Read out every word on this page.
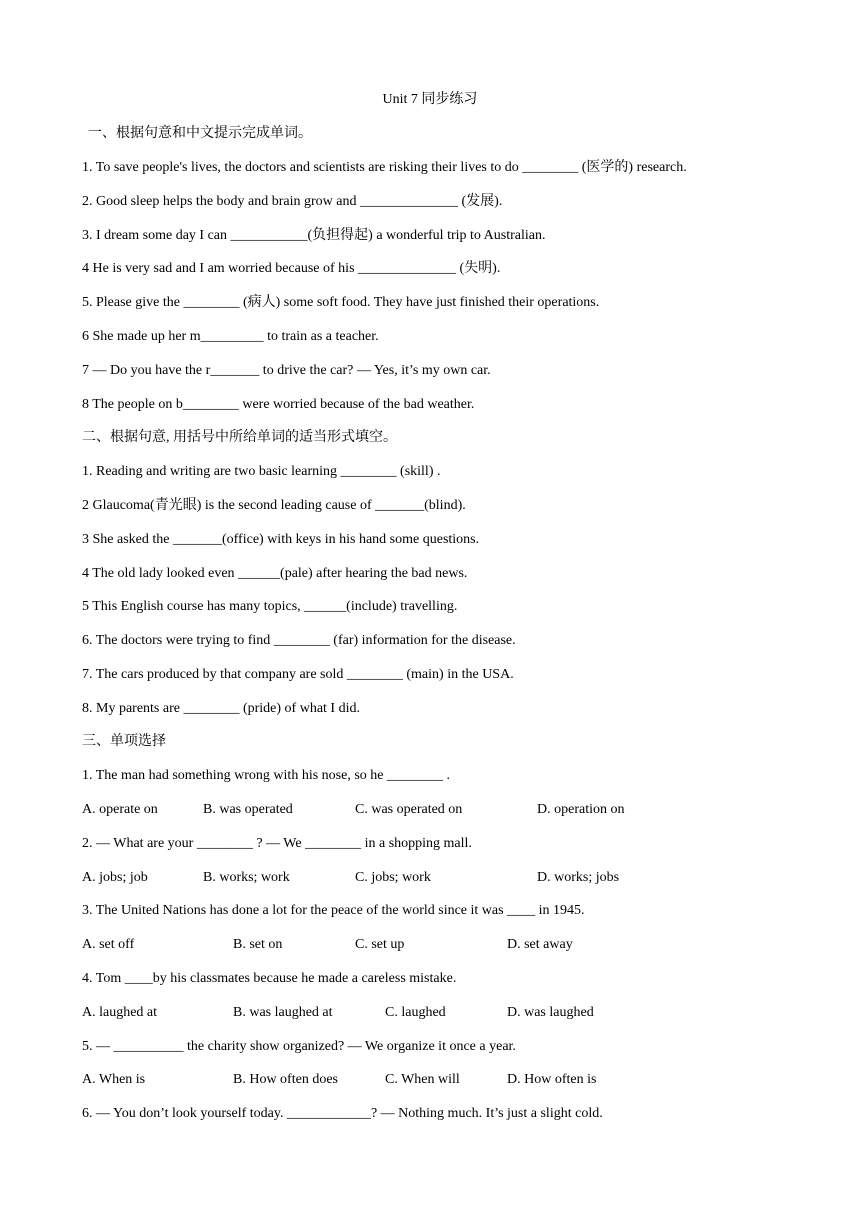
Unit 7 同步练习
一、根据句意和中文提示完成单词。
1. To save people's lives, the doctors and scientists are risking their lives to do ________ (医学的) research.
2. Good sleep helps the body and brain grow and ______________ (发展).
3. I dream some day I can ___________(负担得起) a wonderful trip to Australian.
4 He is very sad and I am worried because of his ______________ (失明).
5. Please give the ________ (病人) some soft food. They have just finished their operations.
6 She made up her m_________ to train as a teacher.
7 — Do you have the r_______ to drive the car? — Yes, it’s my own car.
8 The people on b________ were worried because of the bad weather.
二、根据句意, 用括号中所给单词的适当形式填空。
1. Reading and writing are two basic learning ________ (skill) .
2 Glaucoma(青光眼) is the second leading cause of _______(blind).
3 She asked the _______(office) with keys in his hand some questions.
4 The old lady looked even ______(pale) after hearing the bad news.
5 This English course has many topics, ______(include) travelling.
6. The doctors were trying to find ________ (far) information for the disease.
7. The cars produced by that company are sold ________ (main) in the USA.
8. My parents are ________ (pride) of what I did.
三、单项选择
1. The man had something wrong with his nose, so he ________ .
A. operate on	B. was operated	C. was operated on	D. operation on
2. — What are your ________ ? — We ________ in a shopping mall.
A. jobs; job	B. works; work	C. jobs; work	D. works; jobs
3. The United Nations has done a lot for the peace of the world since it was ____ in 1945.
A. set off	B. set on	C. set up	D. set away
4. Tom ____by his classmates because he made a careless mistake.
A. laughed at	B. was laughed at	C. laughed	D. was laughed
5. — __________ the charity show organized? — We organize it once a year.
A. When is	B. How often does	C. When will	D. How often is
6. — You don’t look yourself today. ____________? — Nothing much. It’s just a slight cold.
